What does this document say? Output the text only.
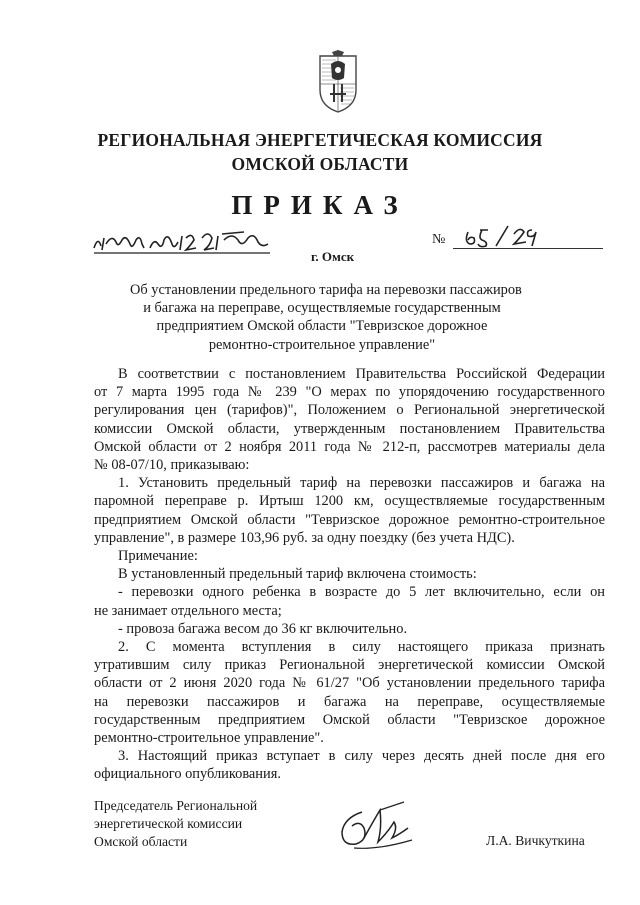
РЕГИОНАЛЬНАЯ ЭНЕРГЕТИЧЕСКАЯ КОМИССИЯ
ОМСКОЙ ОБЛАСТИ
ПРИКАЗ
г. Омск
№
Об установлении предельного тарифа на перевозки пассажиров
и багажа на переправе, осуществляемые государственным
предприятием Омской области "Тевризское дорожное
ремонтно-строительное управление"
В соответствии с постановлением Правительства Российской Федерации
от 7 марта 1995 года № 239 "О мерах по упорядочению государственного
регулирования цен (тарифов)", Положением о Региональной энергетической
комиссии Омской области, утвержденным постановлением Правительства
Омской области от 2 ноября 2011 года № 212-п, рассмотрев материалы дела
№ 08-07/10, приказываю:
1. Установить предельный тариф на перевозки пассажиров и багажа на
паромной переправе р. Иртыш 1200 км, осуществляемые государственным
предприятием Омской области "Тевризское дорожное ремонтно-строительное
управление", в размере 103,96 руб. за одну поездку (без учета НДС).
Примечание:
В установленный предельный тариф включена стоимость:
- перевозки одного ребенка в возрасте до 5 лет включительно, если он
не занимает отдельного места;
- провоза багажа весом до 36 кг включительно.
2. С момента вступления в силу настоящего приказа признать
утратившим силу приказ Региональной энергетической комиссии Омской
области от 2 июня 2020 года № 61/27 "Об установлении предельного тарифа
на перевозки пассажиров и багажа на переправе, осуществляемые
государственным предприятием Омской области "Тевризское дорожное
ремонтно-строительное управление".
3. Настоящий приказ вступает в силу через десять дней после дня его
официального опубликования.
Председатель Региональной
энергетической комиссии
Омской области	Л.А. Вичкуткина
